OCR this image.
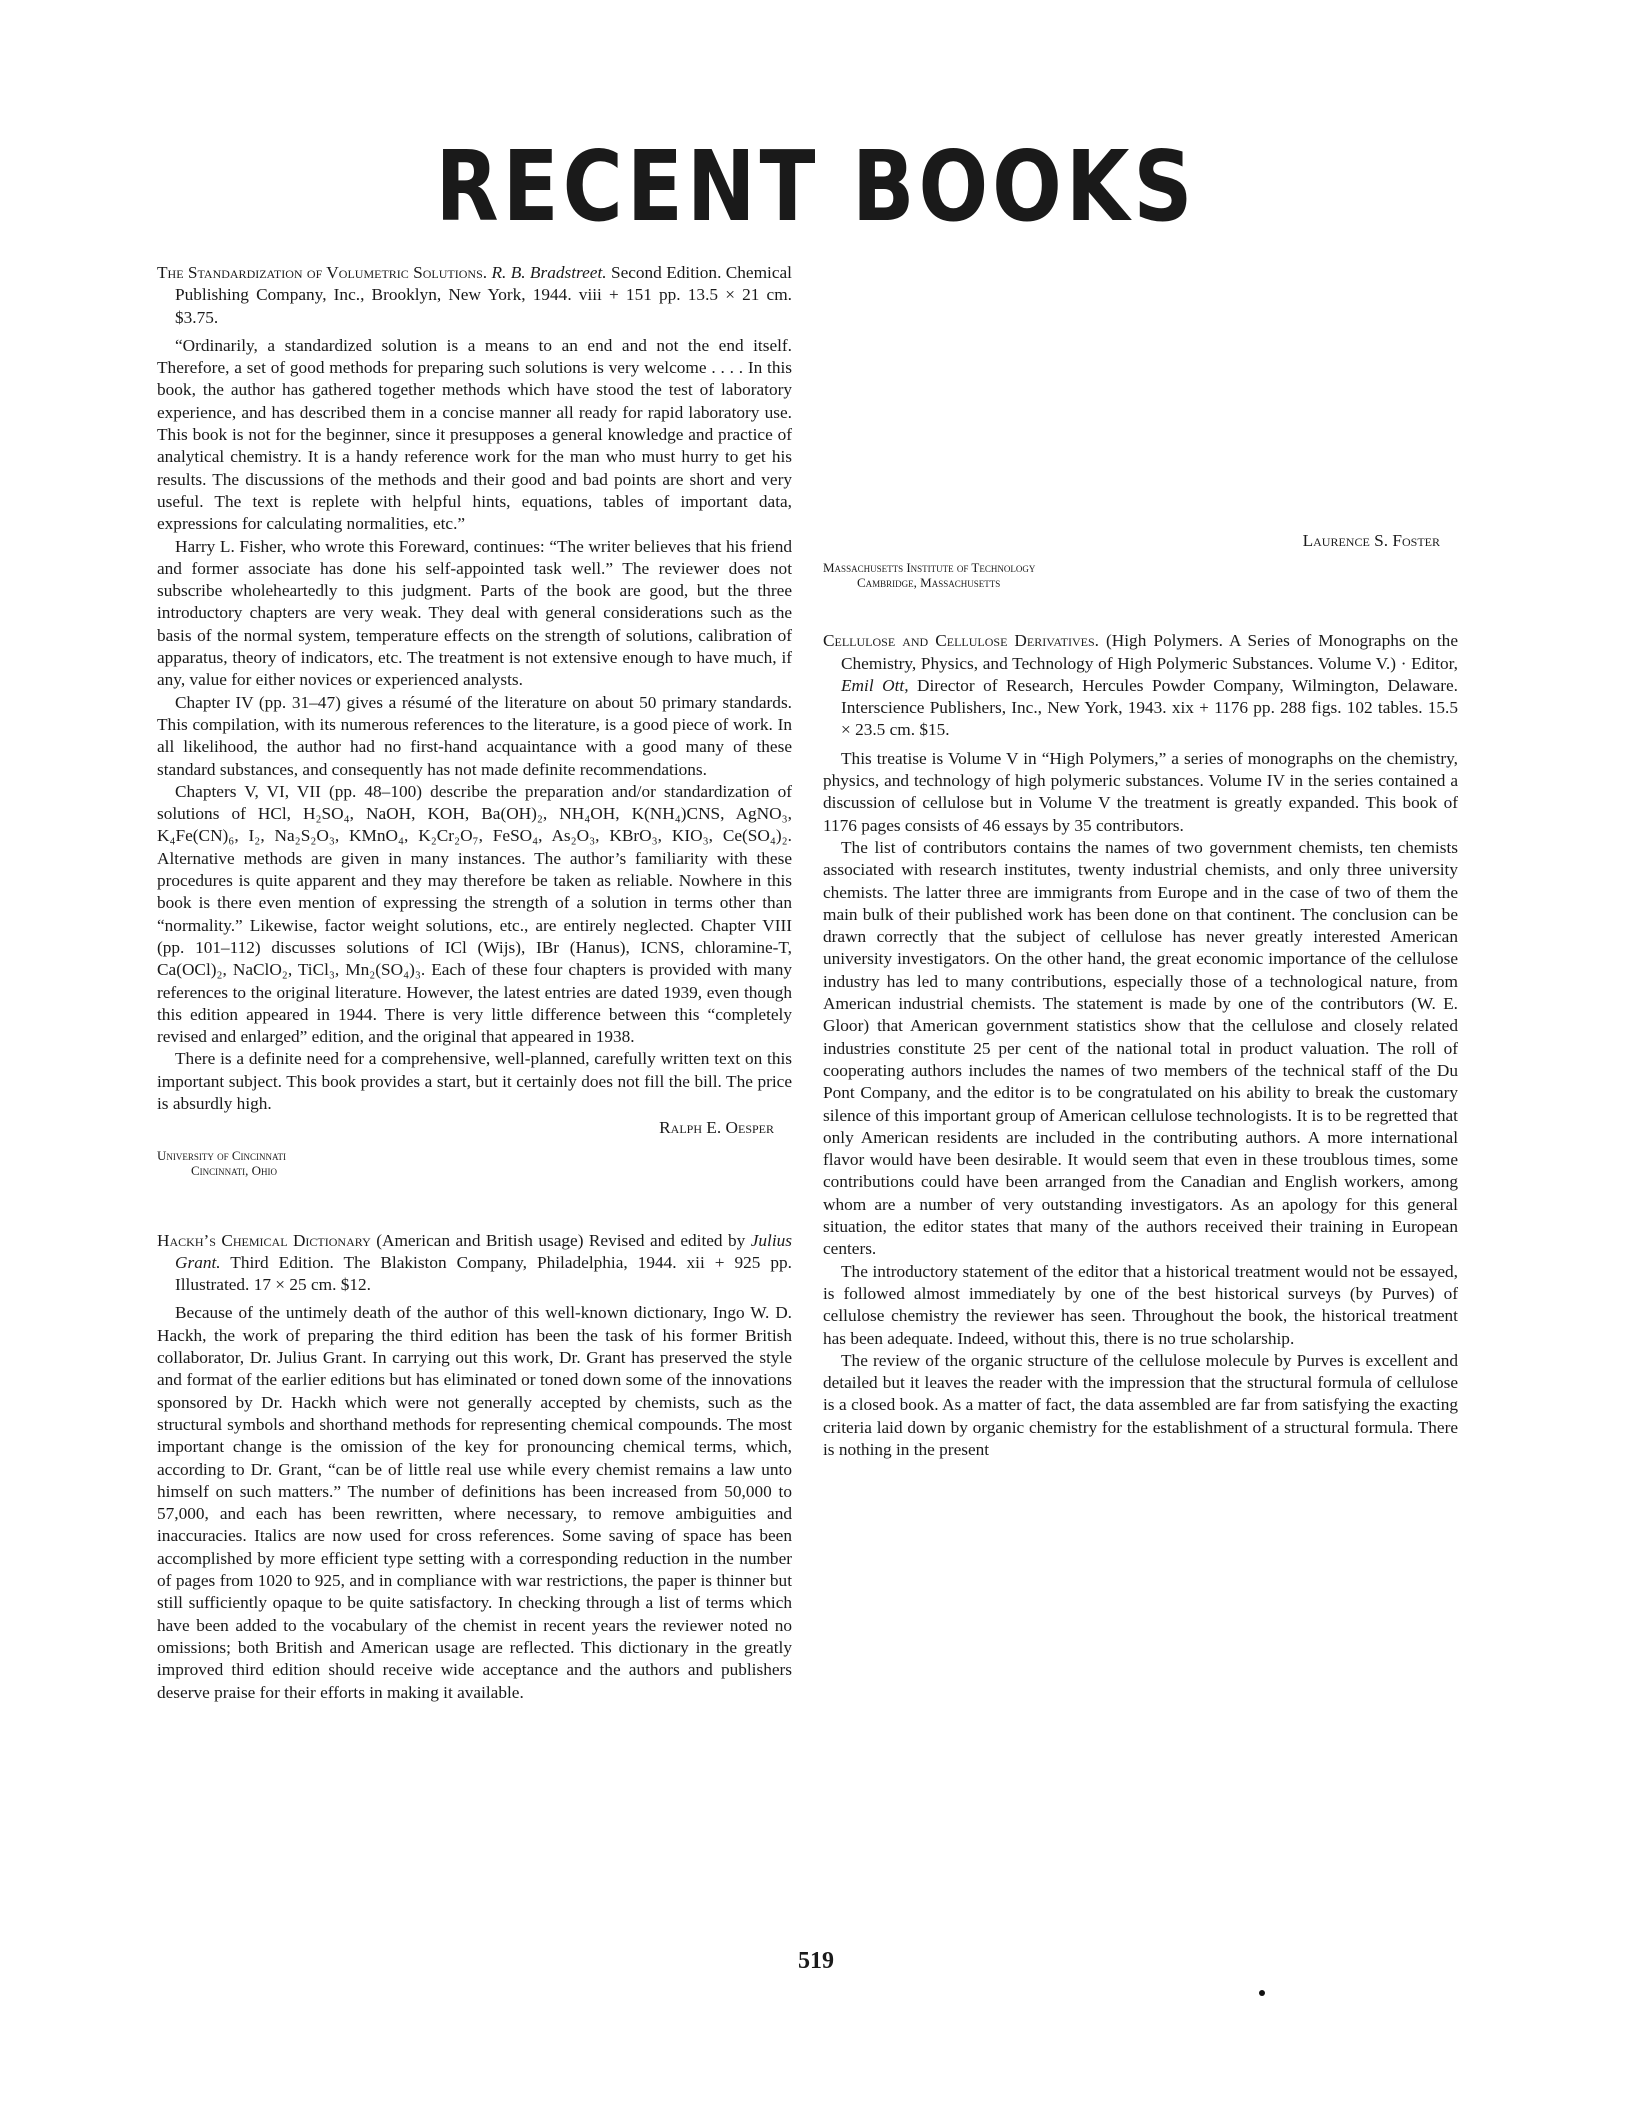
RECENT BOOKS

The Standardization of Volumetric Solutions. R. B. Bradstreet. Second Edition. Chemical Publishing Company, Inc., Brooklyn, New York, 1944. viii + 151 pp. 13.5 × 21 cm. $3.75.

“Ordinarily, a standardized solution is a means to an end and not the end itself. Therefore, a set of good methods for preparing such solutions is very welcome . . . . In this book, the author has gathered together methods which have stood the test of laboratory experience, and has described them in a concise manner all ready for rapid laboratory use. This book is not for the beginner, since it presupposes a general knowledge and practice of analytical chemistry. It is a handy reference work for the man who must hurry to get his results. The discussions of the methods and their good and bad points are short and very useful. The text is replete with helpful hints, equations, tables of important data, expressions for calculating normalities, etc.”

Harry L. Fisher, who wrote this Foreward, continues: “The writer believes that his friend and former associate has done his self-appointed task well.” The reviewer does not subscribe wholeheartedly to this judgment. Parts of the book are good, but the three introductory chapters are very weak. They deal with general considerations such as the basis of the normal system, temperature effects on the strength of solutions, calibration of apparatus, theory of indicators, etc. The treatment is not extensive enough to have much, if any, value for either novices or experienced analysts.

Chapter IV (pp. 31–47) gives a résumé of the literature on about 50 primary standards. This compilation, with its numerous references to the literature, is a good piece of work. In all likelihood, the author had no first-hand acquaintance with a good many of these standard substances, and consequently has not made definite recommendations.

Chapters V, VI, VII (pp. 48–100) describe the preparation and/or standardization of solutions of HCl, H₂SO₄, NaOH, KOH, Ba(OH)₂, NH₄OH, K(NH₄)CNS, AgNO₃, K₄Fe(CN)₆, I₂, Na₂S₂O₃, KMnO₄, K₂Cr₂O₇, FeSO₄, As₂O₃, KBrO₃, KIO₃, Ce(SO₄)₂. Alternative methods are given in many instances. The author’s familiarity with these procedures is quite apparent and they may therefore be taken as reliable. Nowhere in this book is there even mention of expressing the strength of a solution in terms other than “normality.” Likewise, factor weight solutions, etc., are entirely neglected. Chapter VIII (pp. 101–112) discusses solutions of ICl (Wijs), IBr (Hanus), ICNS, chloramine-T, Ca(OCl)₂, NaClO₂, TiCl₃, Mn₂(SO₄)₃. Each of these four chapters is provided with many references to the original literature. However, the latest entries are dated 1939, even though this edition appeared in 1944. There is very little difference between this “completely revised and enlarged” edition, and the original that appeared in 1938.

There is a definite need for a comprehensive, well-planned, carefully written text on this important subject. This book provides a start, but it certainly does not fill the bill. The price is absurdly high.

Ralph E. Oesper

University of Cincinnati
Cincinnati, Ohio

Hackh’s Chemical Dictionary (American and British usage) Revised and edited by Julius Grant. Third Edition. The Blakiston Company, Philadelphia, 1944. xii + 925 pp. Illustrated. 17 × 25 cm. $12.

Because of the untimely death of the author of this well-known dictionary, Ingo W. D. Hackh, the work of preparing the third edition has been the task of his former British collaborator, Dr. Julius Grant. In carrying out this work, Dr. Grant has preserved the style and format of the earlier editions but has eliminated or toned down some of the innovations sponsored by Dr. Hackh which were not generally accepted by chemists, such as the structural symbols and shorthand methods for representing chemical compounds. The most important change is the omission of the key for pronouncing chemical terms, which, according to Dr. Grant, “can be of little real use while every chemist remains a law unto himself on such matters.” The number of definitions has been increased from 50,000 to 57,000, and each has been rewritten, where necessary, to remove ambiguities and inaccuracies. Italics are now used for cross references. Some saving of space has been accomplished by more efficient type setting with a corresponding reduction in the number of pages from 1020 to 925, and in compliance with war restrictions, the paper is thinner but still sufficiently opaque to be quite satisfactory. In checking through a list of terms which have been added to the vocabulary of the chemist in recent years the reviewer noted no omissions; both British and American usage are reflected. This dictionary in the greatly improved third edition should receive wide acceptance and the authors and publishers deserve praise for their efforts in making it available.

Laurence S. Foster

Massachusetts Institute of Technology
Cambridge, Massachusetts

Cellulose and Cellulose Derivatives. (High Polymers. A Series of Monographs on the Chemistry, Physics, and Technology of High Polymeric Substances. Volume V.) · Editor, Emil Ott, Director of Research, Hercules Powder Company, Wilmington, Delaware. Interscience Publishers, Inc., New York, 1943. xix + 1176 pp. 288 figs. 102 tables. 15.5 × 23.5 cm. $15.

This treatise is Volume V in “High Polymers,” a series of monographs on the chemistry, physics, and technology of high polymeric substances. Volume IV in the series contained a discussion of cellulose but in Volume V the treatment is greatly expanded. This book of 1176 pages consists of 46 essays by 35 contributors.

The list of contributors contains the names of two government chemists, ten chemists associated with research institutes, twenty industrial chemists, and only three university chemists. The latter three are immigrants from Europe and in the case of two of them the main bulk of their published work has been done on that continent. The conclusion can be drawn correctly that the subject of cellulose has never greatly interested American university investigators. On the other hand, the great economic importance of the cellulose industry has led to many contributions, especially those of a technological nature, from American industrial chemists. The statement is made by one of the contributors (W. E. Gloor) that American government statistics show that the cellulose and closely related industries constitute 25 per cent of the national total in product valuation. The roll of cooperating authors includes the names of two members of the technical staff of the Du Pont Company, and the editor is to be congratulated on his ability to break the customary silence of this important group of American cellulose technologists. It is to be regretted that only American residents are included in the contributing authors. A more international flavor would have been desirable. It would seem that even in these troublous times, some contributions could have been arranged from the Canadian and English workers, among whom are a number of very outstanding investigators. As an apology for this general situation, the editor states that many of the authors received their training in European centers.

The introductory statement of the editor that a historical treatment would not be essayed, is followed almost immediately by one of the best historical surveys (by Purves) of cellulose chemistry the reviewer has seen. Throughout the book, the historical treatment has been adequate. Indeed, without this, there is no true scholarship.

The review of the organic structure of the cellulose molecule by Purves is excellent and detailed but it leaves the reader with the impression that the structural formula of cellulose is a closed book. As a matter of fact, the data assembled are far from satisfying the exacting criteria laid down by organic chemistry for the establishment of a structural formula. There is nothing in the present

519
